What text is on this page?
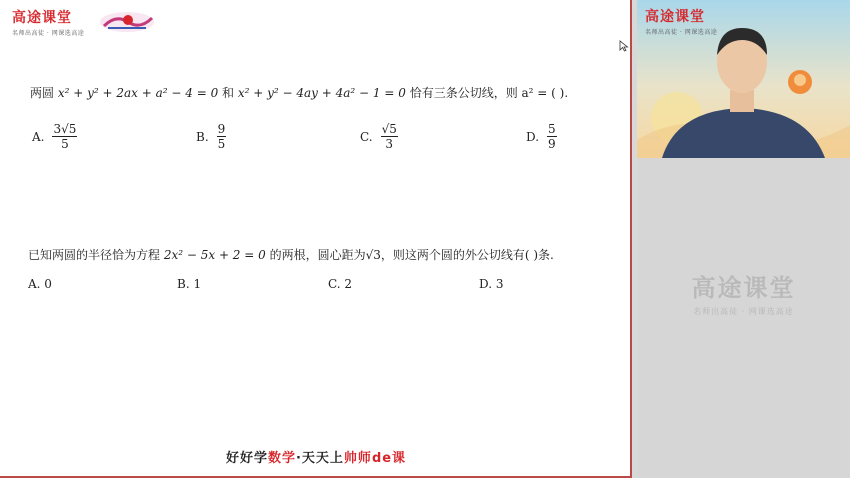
高途课堂
名师出高徒 · 网课选高途
两圆 x² + y² + 2ax + a² − 4 = 0 和 x² + y² − 4ay + 4a² − 1 = 0 恰有三条公切线，则 a² = ( ).
A. $\frac{3√5}{5}$	B. $\frac{9}{5}$	C. $\frac{√5}{3}$	D. $\frac{5}{9}$
已知两圆的半径恰为方程 2x² − 5x + 2 = 0 的两根，圆心距为√3，则这两个圆的外公切线有( )条.
A. 0	B. 1	C. 2	D. 3
好好学数学·天天上帅师de课
高途课堂
名师出高徒 · 网课选高途
高途课堂
名师出高徒 · 网课选高途
